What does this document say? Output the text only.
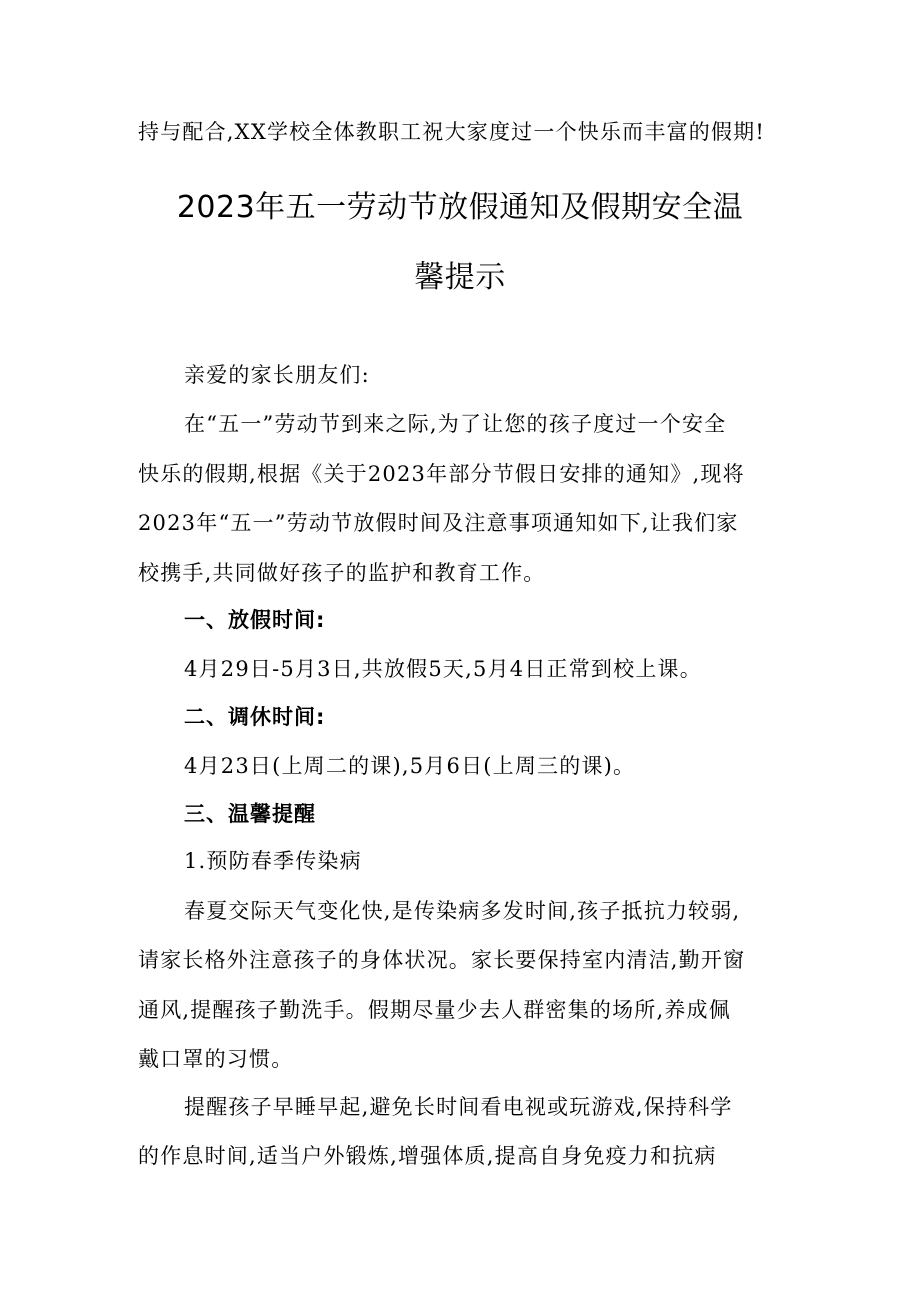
持与配合,XX学校全体教职工祝大家度过一个快乐而丰富的假期!
2023年五一劳动节放假通知及假期安全温
馨提示
亲爱的家长朋友们:
在“五一”劳动节到来之际,为了让您的孩子度过一个安全
快乐的假期,根据《关于2023年部分节假日安排的通知》,现将
2023年“五一”劳动节放假时间及注意事项通知如下,让我们家
校携手,共同做好孩子的监护和教育工作。
一、放假时间:
4月29日-5月3日,共放假5天,5月4日正常到校上课。
二、调休时间:
4月23日(上周二的课),5月6日(上周三的课)。
三、温馨提醒
1.预防春季传染病
春夏交际天气变化快,是传染病多发时间,孩子抵抗力较弱,
请家长格外注意孩子的身体状况。家长要保持室内清洁,勤开窗
通风,提醒孩子勤洗手。假期尽量少去人群密集的场所,养成佩
戴口罩的习惯。
提醒孩子早睡早起,避免长时间看电视或玩游戏,保持科学
的作息时间,适当户外锻炼,增强体质,提高自身免疫力和抗病
